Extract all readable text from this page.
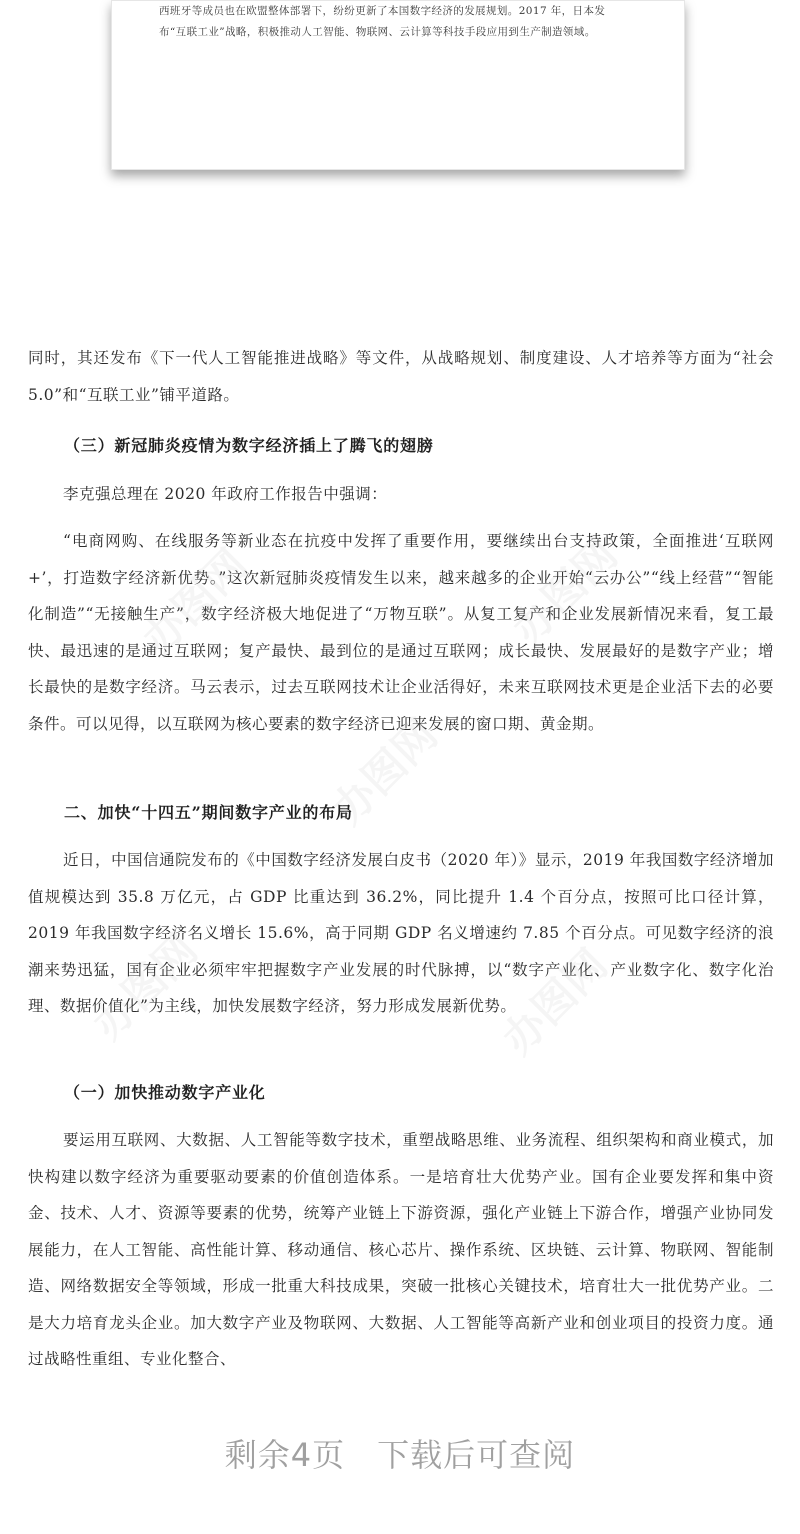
西班牙等成员也在欧盟整体部署下，纷纷更新了本国数字经济的发展规划。2017 年，日本发
布“互联工业”战略，积极推动人工智能、物联网、云计算等科技手段应用到生产制造领域。

同时，其还发布《下一代人工智能推进战略》等文件，从战略规划、制度建设、人才培养等方面为“社会 5.0”和“互联工业”铺平道路。

（三）新冠肺炎疫情为数字经济插上了腾飞的翅膀

李克强总理在 2020 年政府工作报告中强调：

“电商网购、在线服务等新业态在抗疫中发挥了重要作用，要继续出台支持政策，全面推进‘互联网+’，打造数字经济新优势。”这次新冠肺炎疫情发生以来，越来越多的企业开始“云办公”“线上经营”“智能化制造”“无接触生产”，数字经济极大地促进了“万物互联”。从复工复产和企业发展新情况来看，复工最快、最迅速的是通过互联网；复产最快、最到位的是通过互联网；成长最快、发展最好的是数字产业；增长最快的是数字经济。马云表示，过去互联网技术让企业活得好，未来互联网技术更是企业活下去的必要条件。可以见得，以互联网为核心要素的数字经济已迎来发展的窗口期、黄金期。

二、加快“十四五”期间数字产业的布局

近日，中国信通院发布的《中国数字经济发展白皮书（2020 年）》显示，2019 年我国数字经济增加值规模达到 35.8 万亿元，占 GDP 比重达到 36.2%，同比提升 1.4 个百分点，按照可比口径计算，2019 年我国数字经济名义增长 15.6%，高于同期 GDP 名义增速约 7.85 个百分点。可见数字经济的浪潮来势迅猛，国有企业必须牢牢把握数字产业发展的时代脉搏，以“数字产业化、产业数字化、数字化治理、数据价值化”为主线，加快发展数字经济，努力形成发展新优势。

（一）加快推动数字产业化

要运用互联网、大数据、人工智能等数字技术，重塑战略思维、业务流程、组织架构和商业模式，加快构建以数字经济为重要驱动要素的价值创造体系。一是培育壮大优势产业。国有企业要发挥和集中资金、技术、人才、资源等要素的优势，统筹产业链上下游资源，强化产业链上下游合作，增强产业协同发展能力，在人工智能、高性能计算、移动通信、核心芯片、操作系统、区块链、云计算、物联网、智能制造、网络数据安全等领域，形成一批重大科技成果，突破一批核心关键技术，培育壮大一批优势产业。二是大力培育龙头企业。加大数字产业及物联网、大数据、人工智能等高新产业和创业项目的投资力度。通过战略性重组、专业化整合、

办图网	办图网
办图网
办图网	办图网
剩余4页 下载后可查阅
